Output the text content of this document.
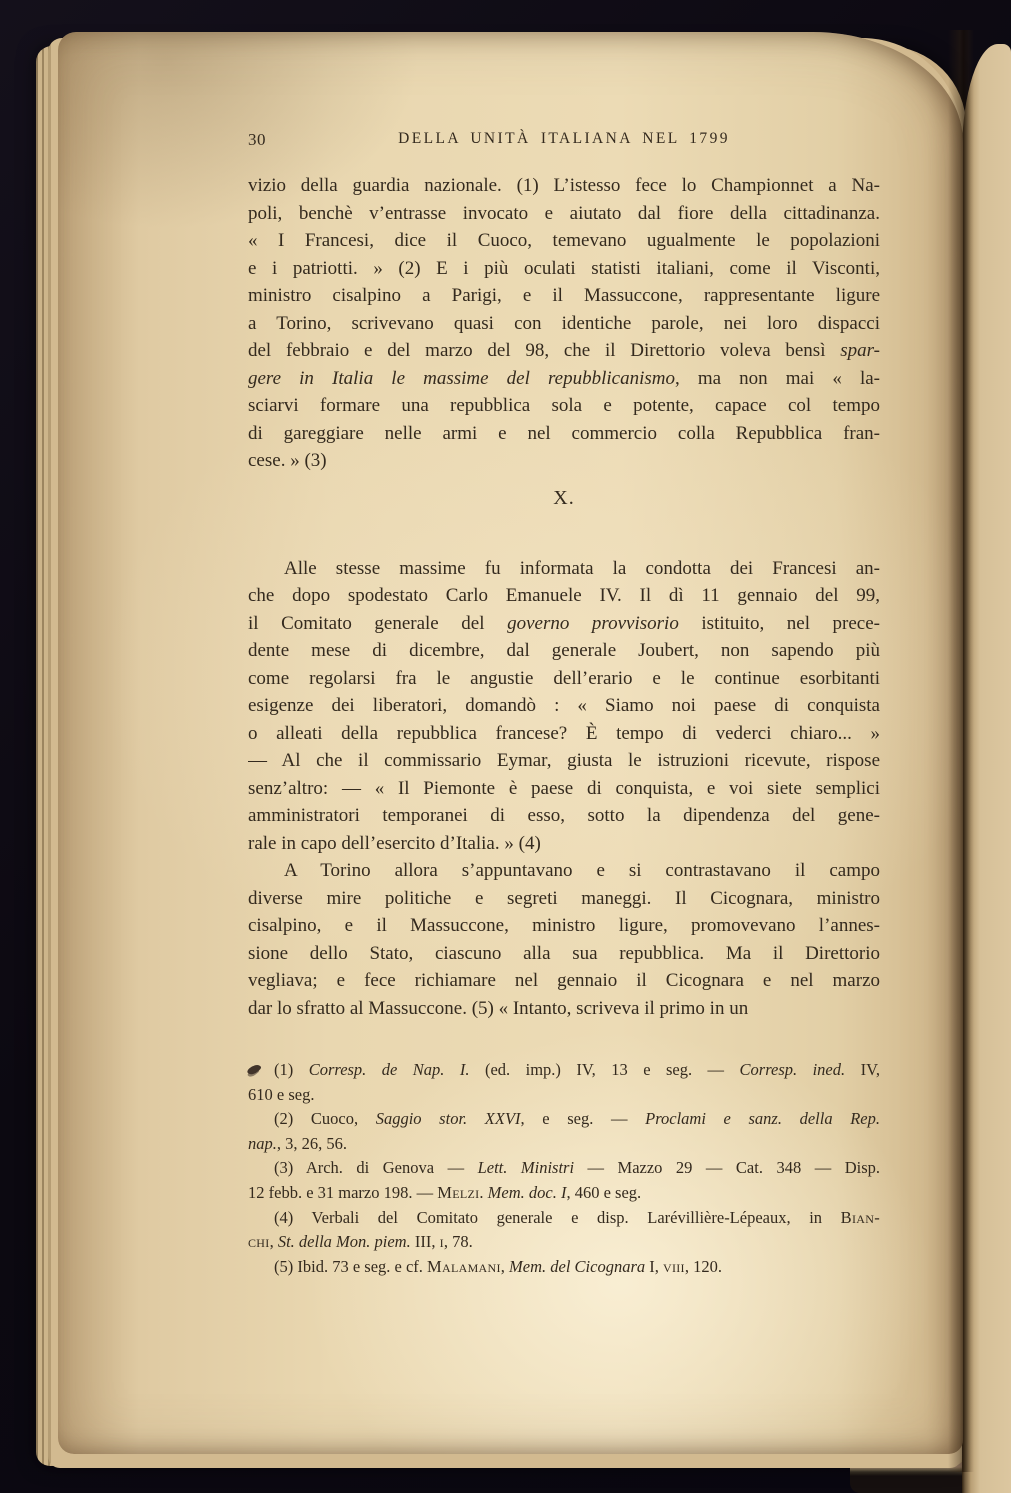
30	DELLA UNITÀ ITALIANA NEL 1799
vizio della guardia nazionale. (1) L’istesso fece lo Championnet a Na-
poli, benchè v’entrasse invocato e aiutato dal fiore della cittadinanza.
« I Francesi, dice il Cuoco, temevano ugualmente le popolazioni
e i patriotti. » (2) E i più oculati statisti italiani, come il Visconti,
ministro cisalpino a Parigi, e il Massuccone, rappresentante ligure
a Torino, scrivevano quasi con identiche parole, nei loro dispacci
del febbraio e del marzo del 98, che il Direttorio voleva bensì spar-
gere in Italia le massime del repubblicanismo, ma non mai « la-
sciarvi formare una repubblica sola e potente, capace col tempo
di gareggiare nelle armi e nel commercio colla Repubblica fran-
cese. » (3)
X.
Alle stesse massime fu informata la condotta dei Francesi an-
che dopo spodestato Carlo Emanuele IV. Il dì 11 gennaio del 99,
il Comitato generale del governo provvisorio istituito, nel prece-
dente mese di dicembre, dal generale Joubert, non sapendo più
come regolarsi fra le angustie dell’erario e le continue esorbitanti
esigenze dei liberatori, domandò : « Siamo noi paese di conquista
o alleati della repubblica francese? È tempo di vederci chiaro... »
— Al che il commissario Eymar, giusta le istruzioni ricevute, rispose
senz’altro: — « Il Piemonte è paese di conquista, e voi siete semplici
amministratori temporanei di esso, sotto la dipendenza del gene-
rale in capo dell’esercito d’Italia. » (4)
A Torino allora s’appuntavano e si contrastavano il campo
diverse mire politiche e segreti maneggi. Il Cicognara, ministro
cisalpino, e il Massuccone, ministro ligure, promovevano l’annes-
sione dello Stato, ciascuno alla sua repubblica. Ma il Direttorio
vegliava; e fece richiamare nel gennaio il Cicognara e nel marzo
dar lo sfratto al Massuccone. (5) « Intanto, scriveva il primo in un
(1) Corresp. de Nap. I. (ed. imp.) IV, 13 e seg. — Corresp. ined. IV,
610 e seg.
(2) Cuoco, Saggio stor. XXVI, e seg. — Proclami e sanz. della Rep.
nap., 3, 26, 56.
(3) Arch. di Genova — Lett. Ministri — Mazzo 29 — Cat. 348 — Disp.
12 febb. e 31 marzo 198. — Melzi. Mem. doc. I, 460 e seg.
(4) Verbali del Comitato generale e disp. Larévillière-Lépeaux, in Bian-
chi, St. della Mon. piem. III, i, 78.
(5) Ibid. 73 e seg. e cf. Malamani, Mem. del Cicognara I, viii, 120.
